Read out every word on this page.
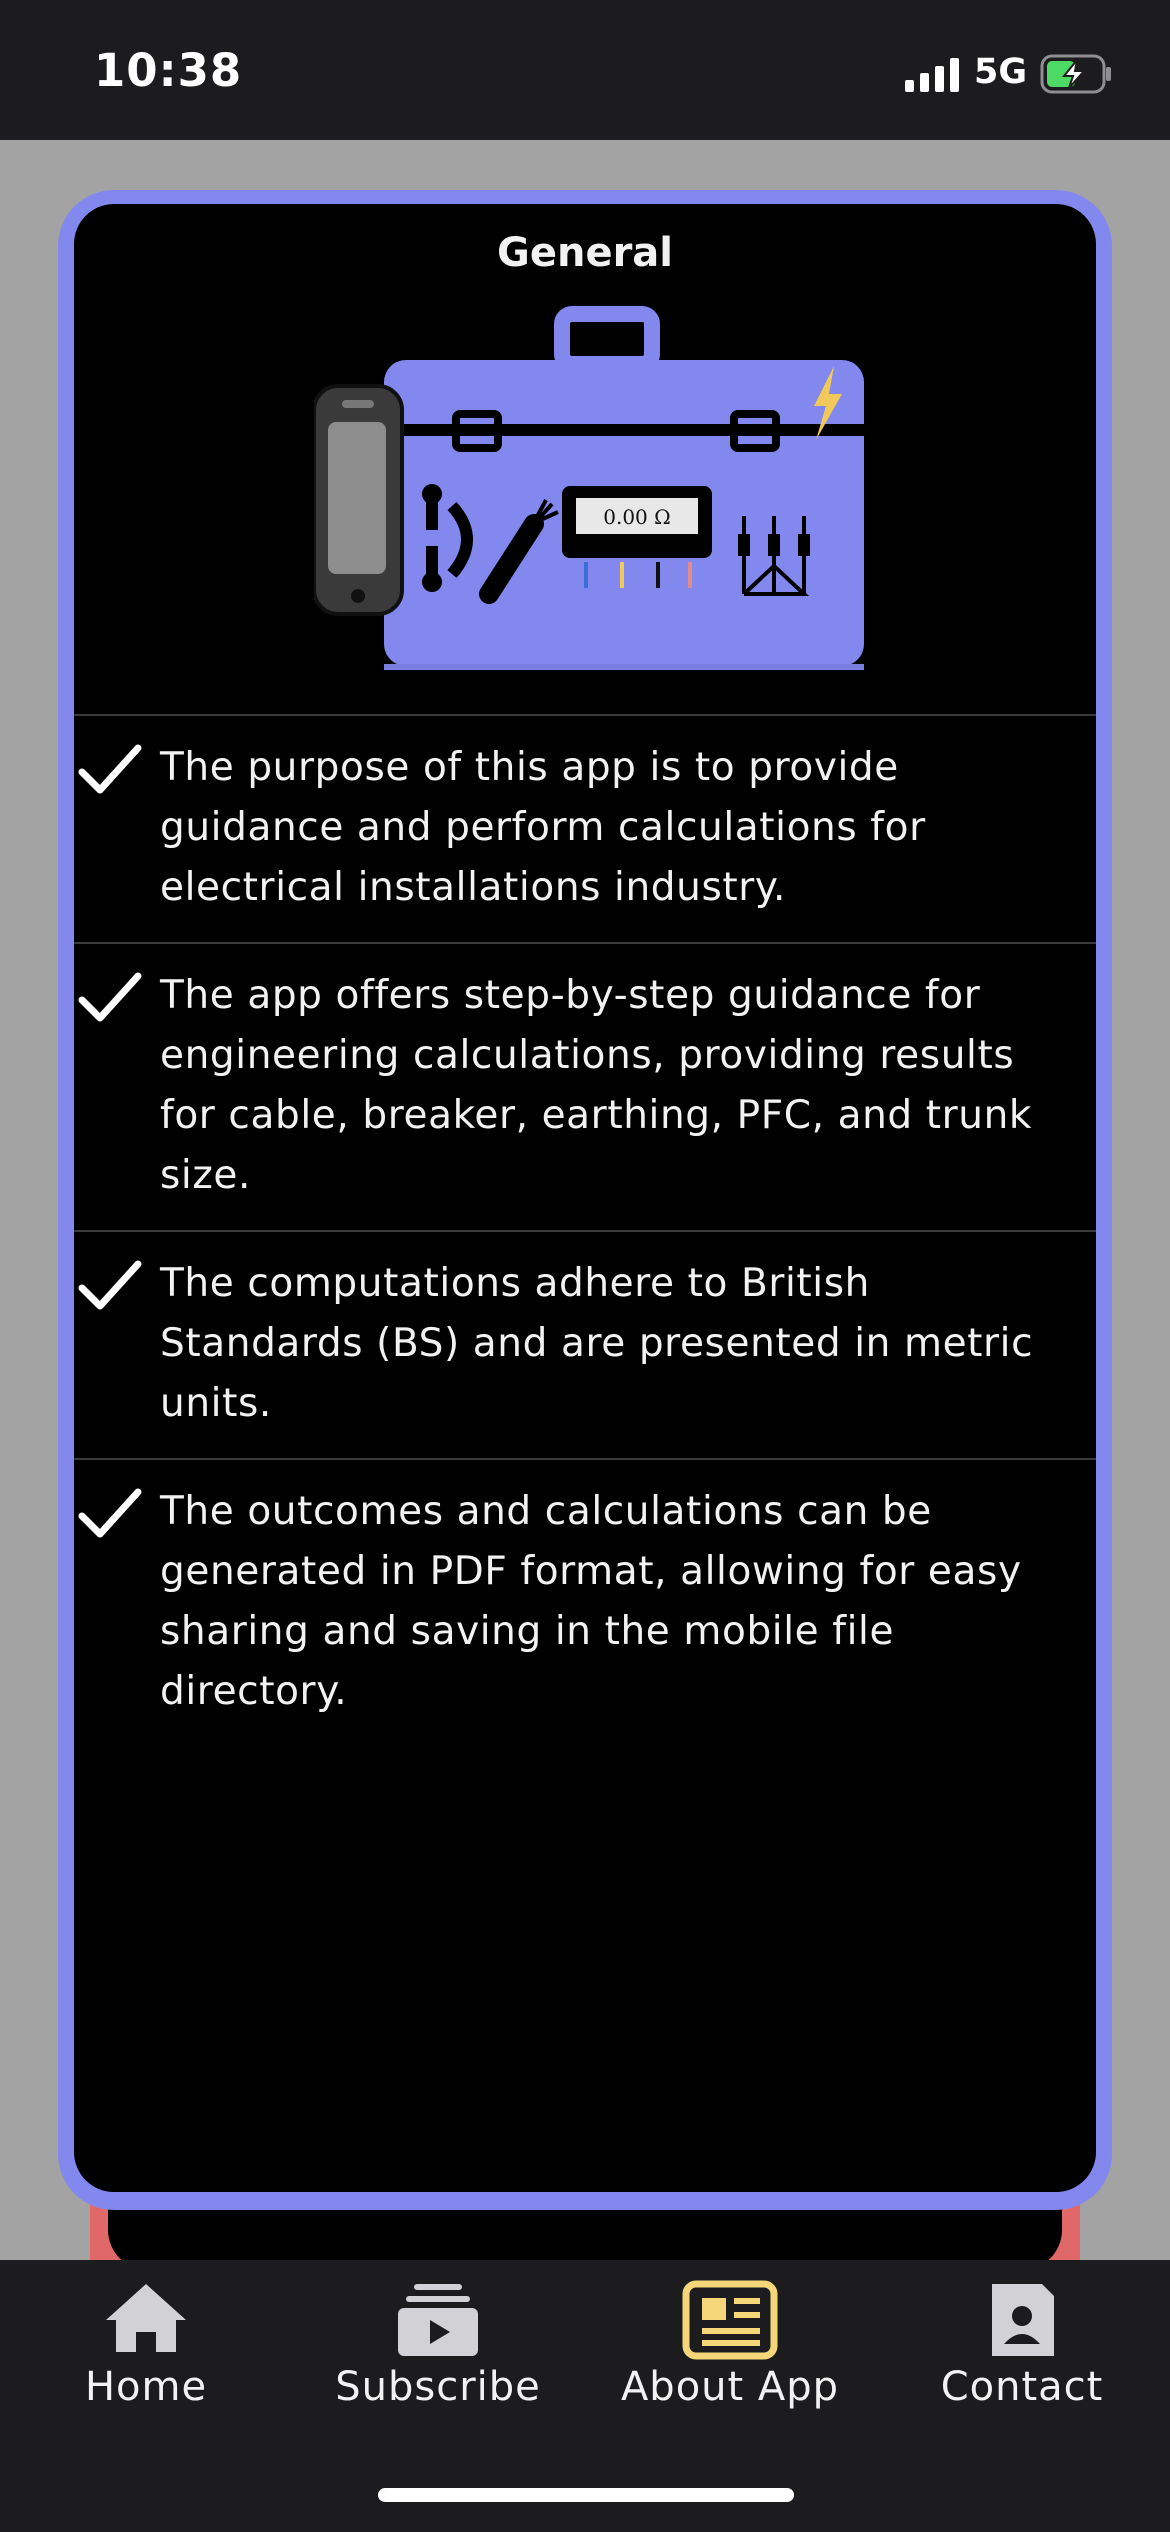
10:38	5G
General
0.00 Ω
The purpose of this app is to provide guidance and perform calculations for electrical installations industry.
The app offers step-by-step guidance for engineering calculations, providing results for cable, breaker, earthing, PFC, and trunk size.
The computations adhere to British Standards (BS) and are presented in metric units.
The outcomes and calculations can be generated in PDF format, allowing for easy sharing and saving in the mobile file directory.
Home	Subscribe	About App	Contact
